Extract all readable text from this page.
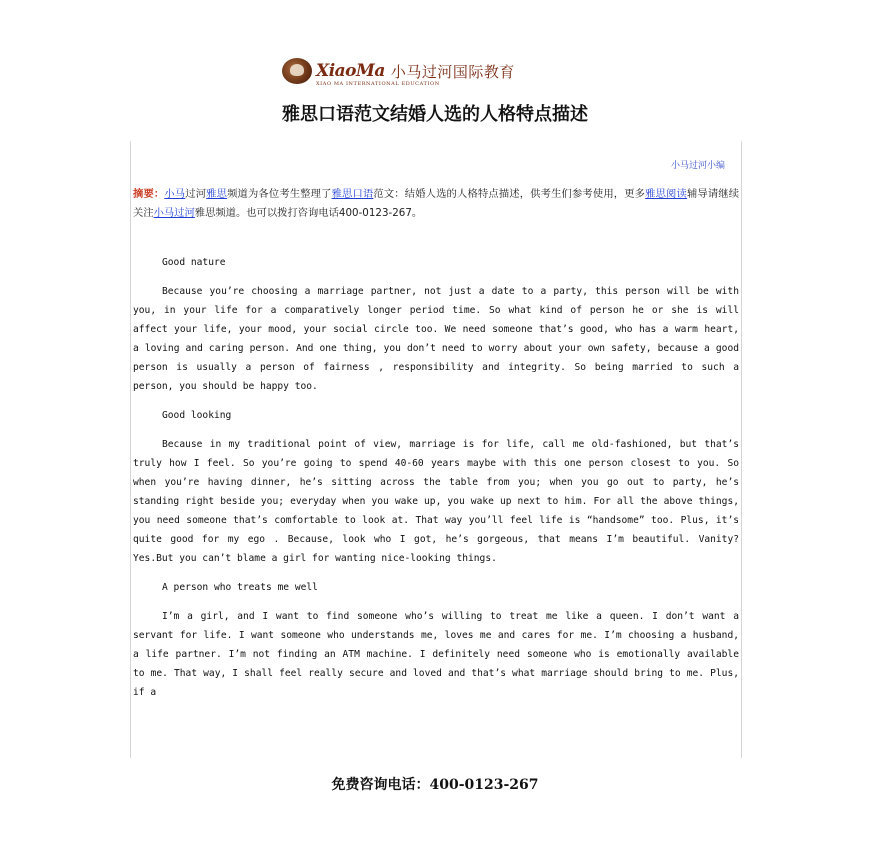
XiaoMa
XIAO MA INTERNATIONAL EDUCATION
小马过河国际教育
雅思口语范文结婚人选的人格特点描述
小马过河小编
摘要：小马过河雅思频道为各位考生整理了雅思口语范文：结婚人选的人格特点描述，供考生们参考使用，更多雅思阅读辅导请继续关注小马过河雅思频道。也可以拨打咨询电话400-0123-267。

Good nature

Because you’re choosing a marriage partner, not just a date to a party, this person will be with you, in your life for a comparatively longer period time. So what kind of person he or she is will affect your life, your mood, your social circle too. We need someone that’s good, who has a warm heart, a loving and caring person. And one thing, you don’t need to worry about your own safety, because a good person is usually a person of fairness , responsibility and integrity. So being married to such a person, you should be happy too.

Good looking

Because in my traditional point of view, marriage is for life, call me old-fashioned, but that’s truly how I feel. So you’re going to spend 40-60 years maybe with this one person closest to you. So when you’re having dinner, he’s sitting across the table from you; when you go out to party, he’s standing right beside you; everyday when you wake up, you wake up next to him. For all the above things, you need someone that’s comfortable to look at. That way you’ll feel life is “handsome” too. Plus, it’s quite good for my ego . Because, look who I got, he’s gorgeous, that means I’m beautiful. Vanity? Yes.But you can’t blame a girl for wanting nice-looking things.

A person who treats me well

I’m a girl, and I want to find someone who’s willing to treat me like a queen. I don’t want a servant for life. I want someone who understands me, loves me and cares for me. I’m choosing a husband, a life partner. I’m not finding an ATM machine. I definitely need someone who is emotionally available to me. That way, I shall feel really secure and loved and that’s what marriage should bring to me. Plus, if a

免费咨询电话：400-0123-267
